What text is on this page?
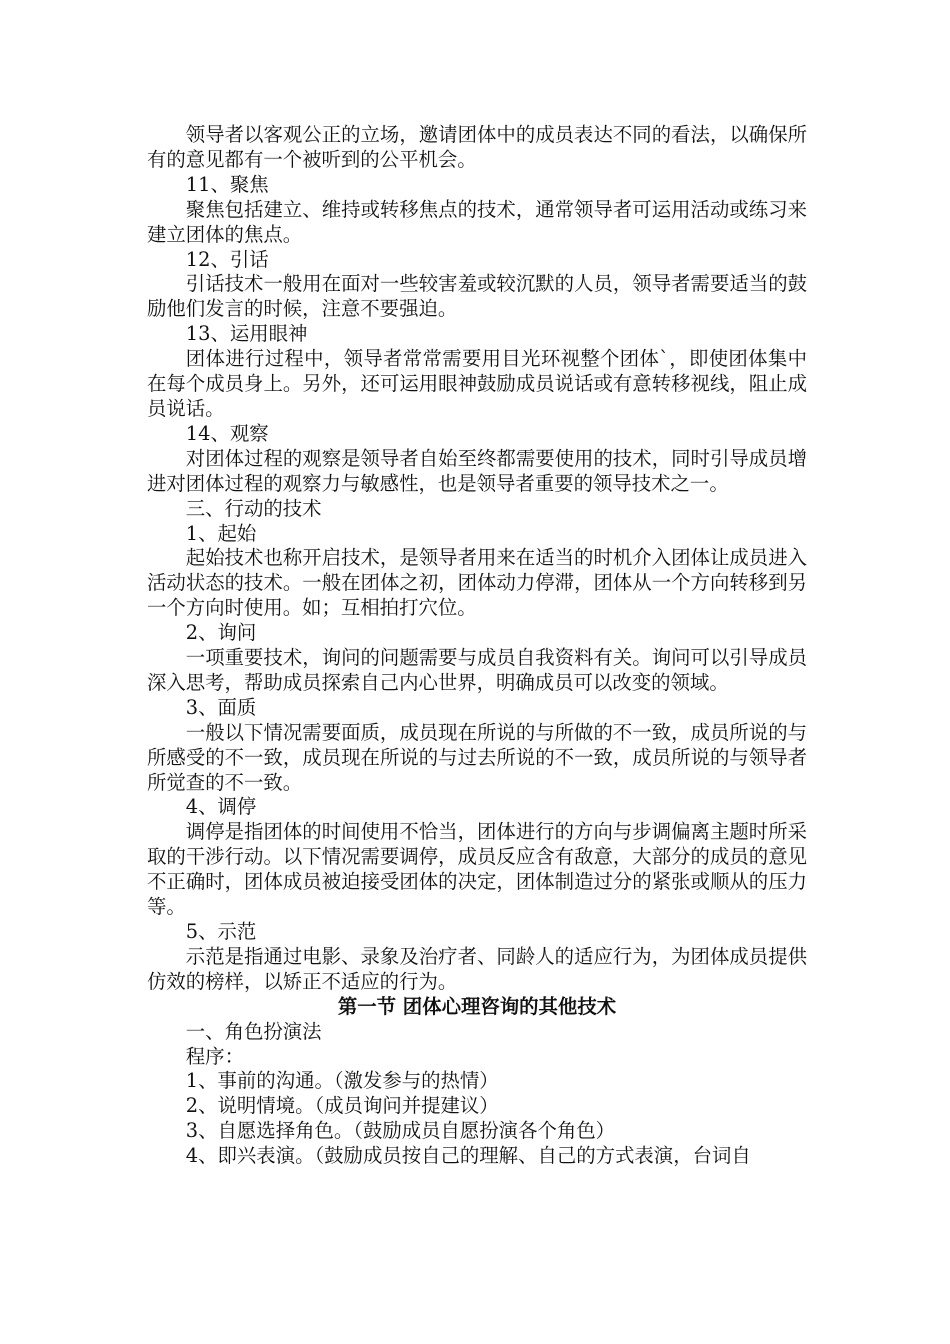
领导者以客观公正的立场，邀请团体中的成员表达不同的看法，以确保所有的意见都有一个被听到的公平机会。

11、聚焦

聚焦包括建立、维持或转移焦点的技术，通常领导者可运用活动或练习来建立团体的焦点。

12、引话

引话技术一般用在面对一些较害羞或较沉默的人员，领导者需要适当的鼓励他们发言的时候，注意不要强迫。

13、运用眼神

团体进行过程中，领导者常常需要用目光环视整个团体`，即使团体集中在每个成员身上。另外，还可运用眼神鼓励成员说话或有意转移视线，阻止成员说话。

14、观察

对团体过程的观察是领导者自始至终都需要使用的技术，同时引导成员增进对团体过程的观察力与敏感性，也是领导者重要的领导技术之一。

三、行动的技术

1、起始

起始技术也称开启技术，是领导者用来在适当的时机介入团体让成员进入活动状态的技术。一般在团体之初，团体动力停滞，团体从一个方向转移到另一个方向时使用。如；互相拍打穴位。

2、询问

一项重要技术，询问的问题需要与成员自我资料有关。询问可以引导成员深入思考，帮助成员探索自己内心世界，明确成员可以改变的领域。

3、面质

一般以下情况需要面质，成员现在所说的与所做的不一致，成员所说的与所感受的不一致，成员现在所说的与过去所说的不一致，成员所说的与领导者所觉查的不一致。

4、调停

调停是指团体的时间使用不恰当，团体进行的方向与步调偏离主题时所采取的干涉行动。以下情况需要调停，成员反应含有敌意，大部分的成员的意见不正确时，团体成员被迫接受团体的决定，团体制造过分的紧张或顺从的压力等。

5、示范

示范是指通过电影、录象及治疗者、同龄人的适应行为，为团体成员提供仿效的榜样，以矫正不适应的行为。

第一节 团体心理咨询的其他技术

一、角色扮演法

程序：

1、事前的沟通。（激发参与的热情）

2、说明情境。（成员询问并提建议）

3、自愿选择角色。（鼓励成员自愿扮演各个角色）

4、即兴表演。（鼓励成员按自己的理解、自己的方式表演，台词自
